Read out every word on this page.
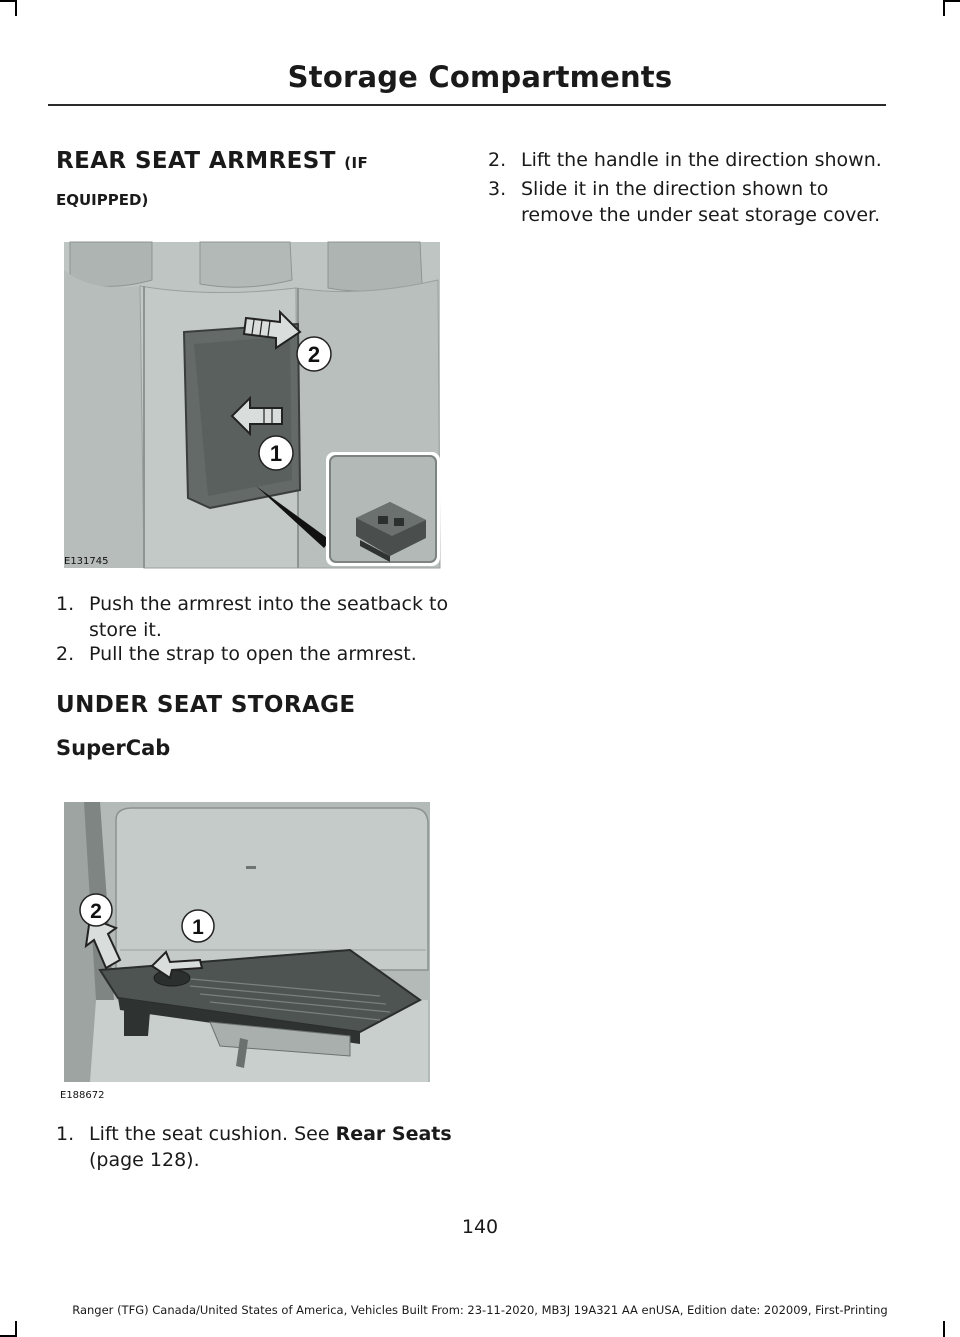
Storage Compartments
REAR SEAT ARMREST (IF
EQUIPPED)
2
1
E131745
1. Push the armrest into the seatback to store it.
2. Pull the strap to open the armrest.
UNDER SEAT STORAGE
SuperCab
2
1
E188672
1. Lift the seat cushion. See Rear Seats
(page 128).
2. Lift the handle in the direction shown.
3. Slide it in the direction shown to remove the under seat storage cover.
140
Ranger (TFG) Canada/United States of America, Vehicles Built From: 23-11-2020, MB3J 19A321 AA enUSA, Edition date: 202009, First-Printing
